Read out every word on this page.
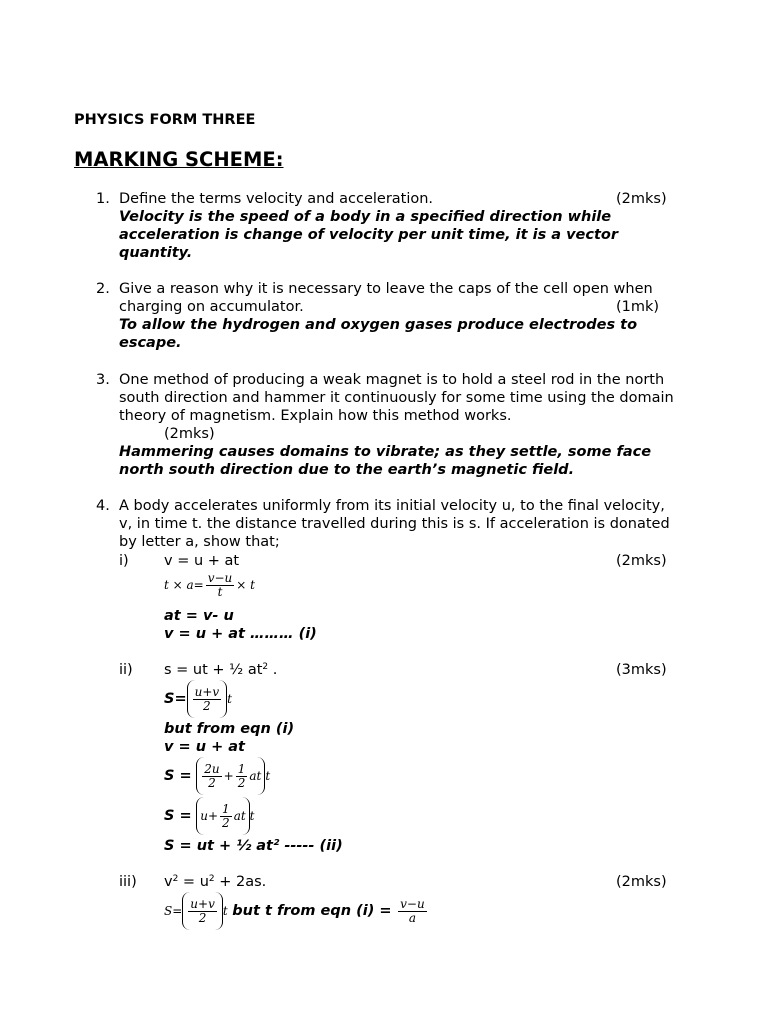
PHYSICS FORM THREE
MARKING SCHEME:
1. Define the terms velocity and acceleration.	(2mks)
Velocity is the speed of a body in a specified direction while
acceleration is change of velocity per unit time, it is a vector
quantity.
2. Give a reason why it is necessary to leave the caps of the cell open when
charging on accumulator.	(1mk)
To allow the hydrogen and oxygen gases produce electrodes to
escape.
3. One method of producing a weak magnet is to hold a steel rod in the north
south direction and hammer it continuously for some time using the domain
theory of magnetism. Explain how this method works.
(2mks)
Hammering causes domains to vibrate; as they settle, some face
north south direction due to the earth’s magnetic field.
4. A body accelerates uniformly from its initial velocity u, to the final velocity,
v, in time t. the distance travelled during this is s. If acceleration is donated
by letter a, show that;
i) v = u + at	(2mks)
$t \times a= \frac{v-u}{t} \times t$
at = v- u
v = u + at ……… (i)
ii) s = ut + ½ $at^2$ .	(3mks)
$S= \frac{u+v}{2}$ t
but from eqn (i)
v = u + at
$S = \frac{2u}{2} + \frac{1}{2}$ at t
$S = u+ \frac{1}{2}$ at t
S = ut + ½ at² ----- (ii)
iii) $v^2 = u^2 + 2as$.	(2mks)
$S= \frac{u+v}{2}$ t but t from eqn $(i) = \frac{v-u}{a}$
